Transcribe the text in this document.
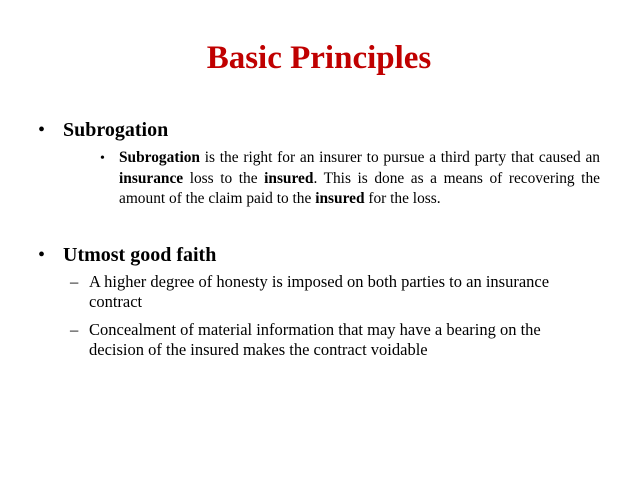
Basic Principles
• Subrogation
• Subrogation is the right for an insurer to pursue a third party that caused an insurance loss to the insured. This is done as a means of recovering the amount of the claim paid to the insured for the loss.
• Utmost good faith
– A higher degree of honesty is imposed on both parties to an insurance contract
– Concealment of material information that may have a bearing on the decision of the insured makes the contract voidable
